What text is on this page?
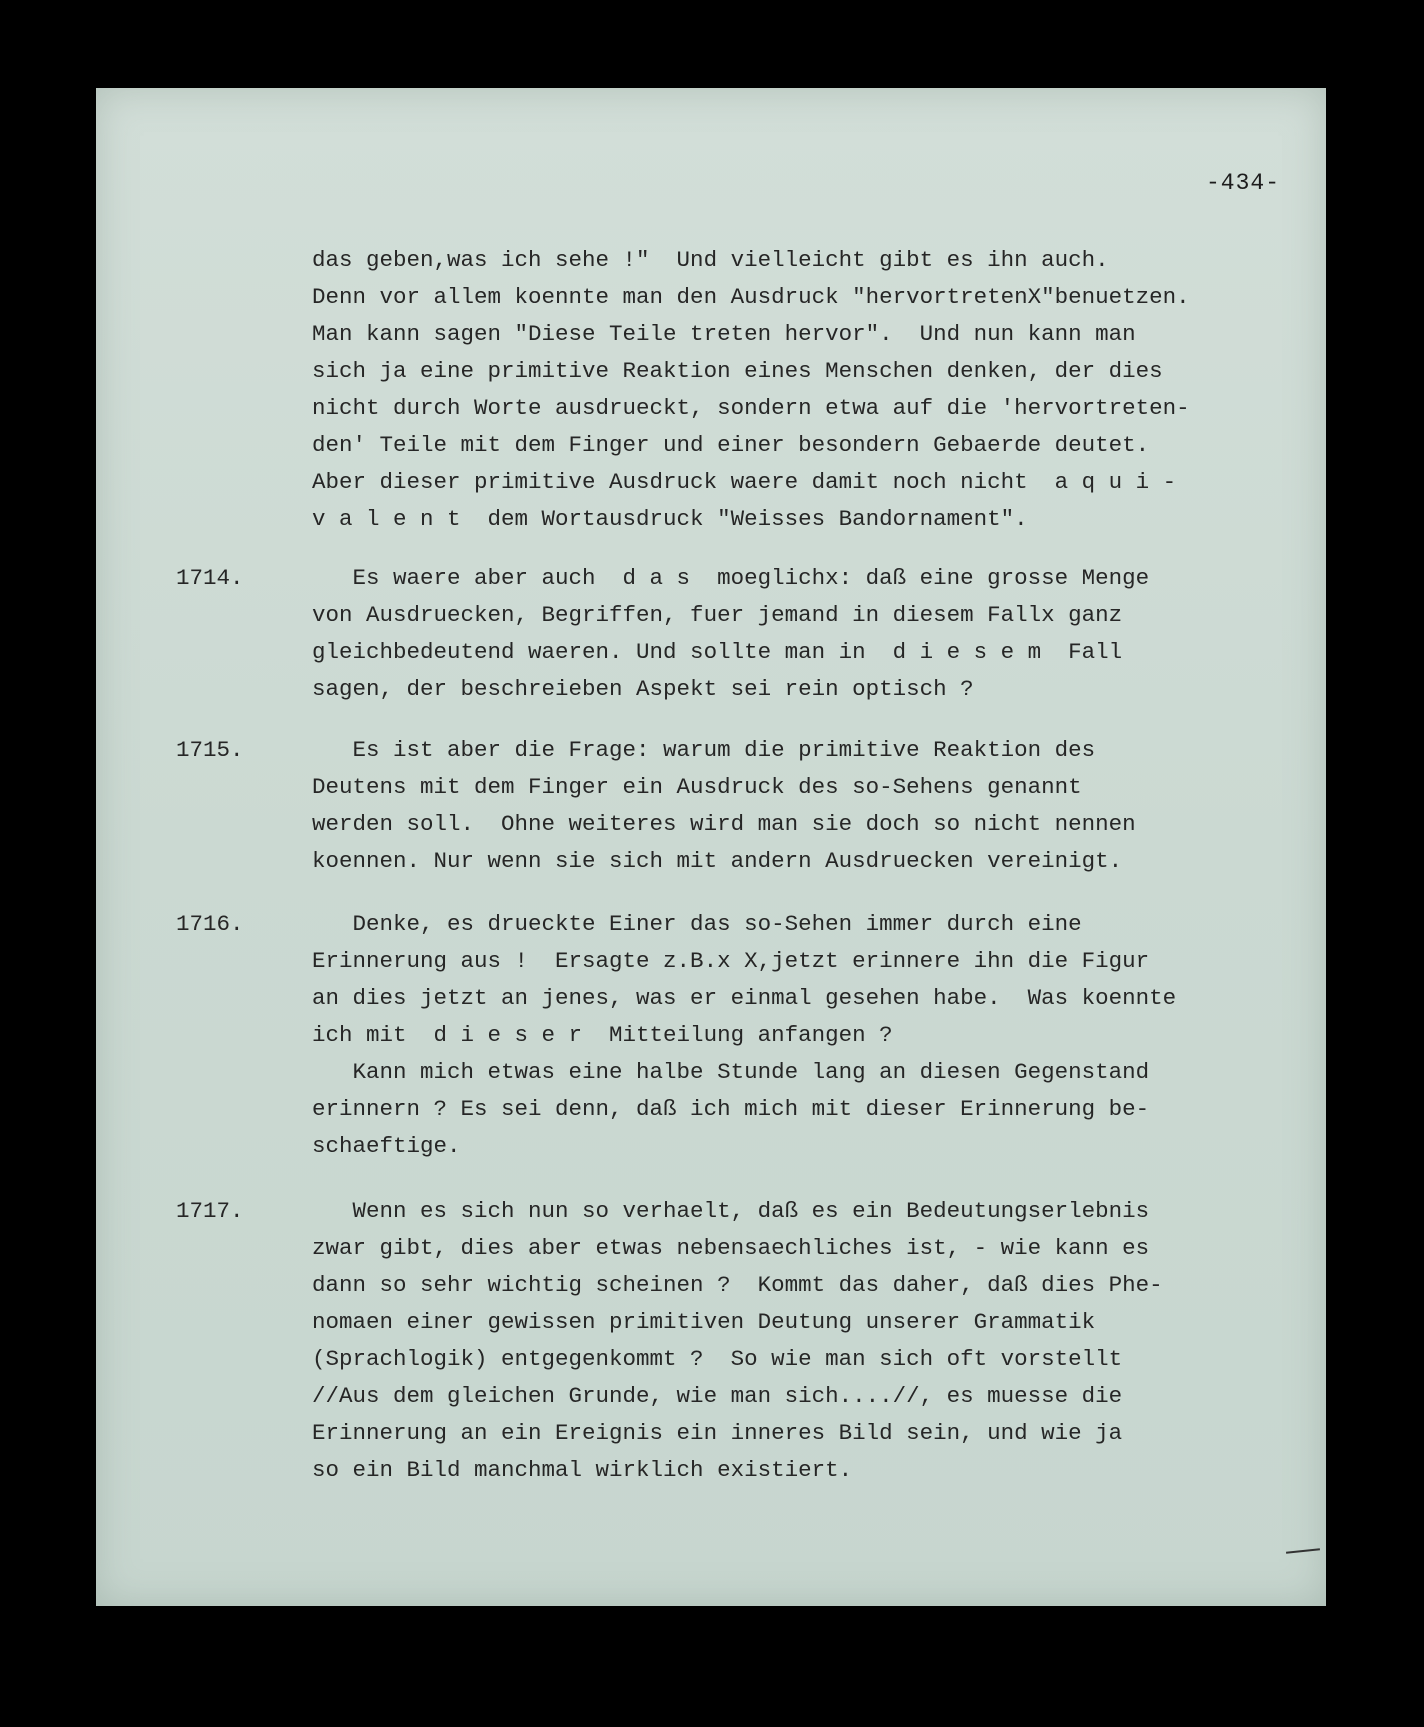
-434-
das geben,was ich sehe !"  Und vielleicht gibt es ihn auch.
Denn vor allem koennte man den Ausdruck "hervortretenX"benuetzen.
Man kann sagen "Diese Teile treten hervor".  Und nun kann man
sich ja eine primitive Reaktion eines Menschen denken, der dies
nicht durch Worte ausdrueckt, sondern etwa auf die 'hervortreten-
den' Teile mit dem Finger und einer besondern Gebaerde deutet.
Aber dieser primitive Ausdruck waere damit noch nicht  a q u i -
v a l e n t  dem Wortausdruck "Weisses Bandornament".
1714.	Es waere aber auch  d a s  moeglichx: daß eine grosse Menge
von Ausdruecken, Begriffen, fuer jemand in diesem Fallx ganz
gleichbedeutend waeren. Und sollte man in  d i e s e m  Fall
sagen, der beschreieben Aspekt sei rein optisch ?
1715.	Es ist aber die Frage: warum die primitive Reaktion des
Deutens mit dem Finger ein Ausdruck des so-Sehens genannt
werden soll.  Ohne weiteres wird man sie doch so nicht nennen
koennen. Nur wenn sie sich mit andern Ausdruecken vereinigt.
1716.	Denke, es drueckte Einer das so-Sehen immer durch eine
Erinnerung aus !  Ersagte z.B.x X,jetzt erinnere ihn die Figur
an dies jetzt an jenes, was er einmal gesehen habe.  Was koennte
ich mit  d i e s e r  Mitteilung anfangen ?
Kann mich etwas eine halbe Stunde lang an diesen Gegenstand
erinnern ? Es sei denn, daß ich mich mit dieser Erinnerung be-
schaeftige.
1717.	Wenn es sich nun so verhaelt, daß es ein Bedeutungserlebnis
zwar gibt, dies aber etwas nebensaechliches ist, - wie kann es
dann so sehr wichtig scheinen ?  Kommt das daher, daß dies Phe-
nomaen einer gewissen primitiven Deutung unserer Grammatik
(Sprachlogik) entgegenkommt ?  So wie man sich oft vorstellt
//Aus dem gleichen Grunde, wie man sich....//, es muesse die
Erinnerung an ein Ereignis ein inneres Bild sein, und wie ja
so ein Bild manchmal wirklich existiert.
